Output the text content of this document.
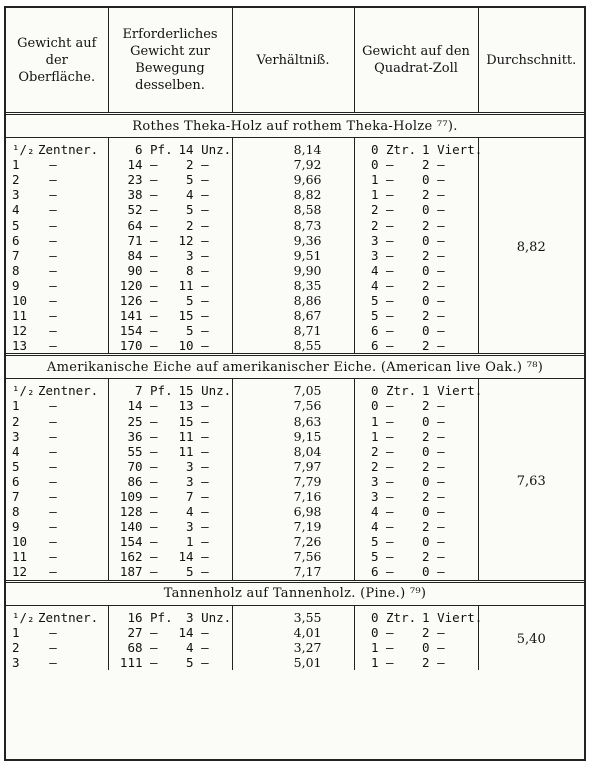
Gewicht auf der Oberfläche.	Erforderliches Gewicht zur Bewegung desselben.	Verhältniß.	Gewicht auf den Quadrat-Zoll	Durchschnitt.
Rothes Theka-Holz auf rothem Theka-Holze ⁷⁷).				
¹/₂ Zentner.	6 Pf. 14 Unz.	8,14	0 Ztr. 1 Viert.	8,82
1 —	14 — 2 —	7,92	0 — 2 —	
2 —	23 — 5 —	9,66	1 — 0 —	
3 —	38 — 4 —	8,82	1 — 2 —	
4 —	52 — 5 —	8,58	2 — 0 —	
5 —	64 — 2 —	8,73	2 — 2 —	
6 —	71 — 12 —	9,36	3 — 0 —	
7 —	84 — 3 —	9,51	3 — 2 —	
8 —	90 — 8 —	9,90	4 — 0 —	
9 —	120 — 11 —	8,35	4 — 2 —	
10 —	126 — 5 —	8,86	5 — 0 —	
11 —	141 — 15 —	8,67	5 — 2 —	
12 —	154 — 5 —	8,71	6 — 0 —	
13 —	170 — 10 —	8,55	6 — 2 —	
Amerikanische Eiche auf amerikanischer Eiche. (American live Oak.) ⁷⁸)				
¹/₂ Zentner.	7 Pf. 15 Unz.	7,05	0 Ztr. 1 Viert.	7,63
1 —	14 — 13 —	7,56	0 — 2 —	
2 —	25 — 15 —	8,63	1 — 0 —	
3 —	36 — 11 —	9,15	1 — 2 —	
4 —	55 — 11 —	8,04	2 — 0 —	
5 —	70 — 3 —	7,97	2 — 2 —	
6 —	86 — 3 —	7,79	3 — 0 —	
7 —	109 — 7 —	7,16	3 — 2 —	
8 —	128 — 4 —	6,98	4 — 0 —	
9 —	140 — 3 —	7,19	4 — 2 —	
10 —	154 — 1 —	7,26	5 — 0 —	
11 —	162 — 14 —	7,56	5 — 2 —	
12 —	187 — 5 —	7,17	6 — 0 —	
Tannenholz auf Tannenholz. (Pine.) ⁷⁹)				
¹/₂ Zentner.	16 Pf. 3 Unz.	3,55	0 Ztr. 1 Viert.	5,40
1 —	27 — 14 —	4,01	0 — 2 —	
2 —	68 — 4 —	3,27	1 — 0 —	
3 —	111 — 5 —	5,01	1 — 2 —	
